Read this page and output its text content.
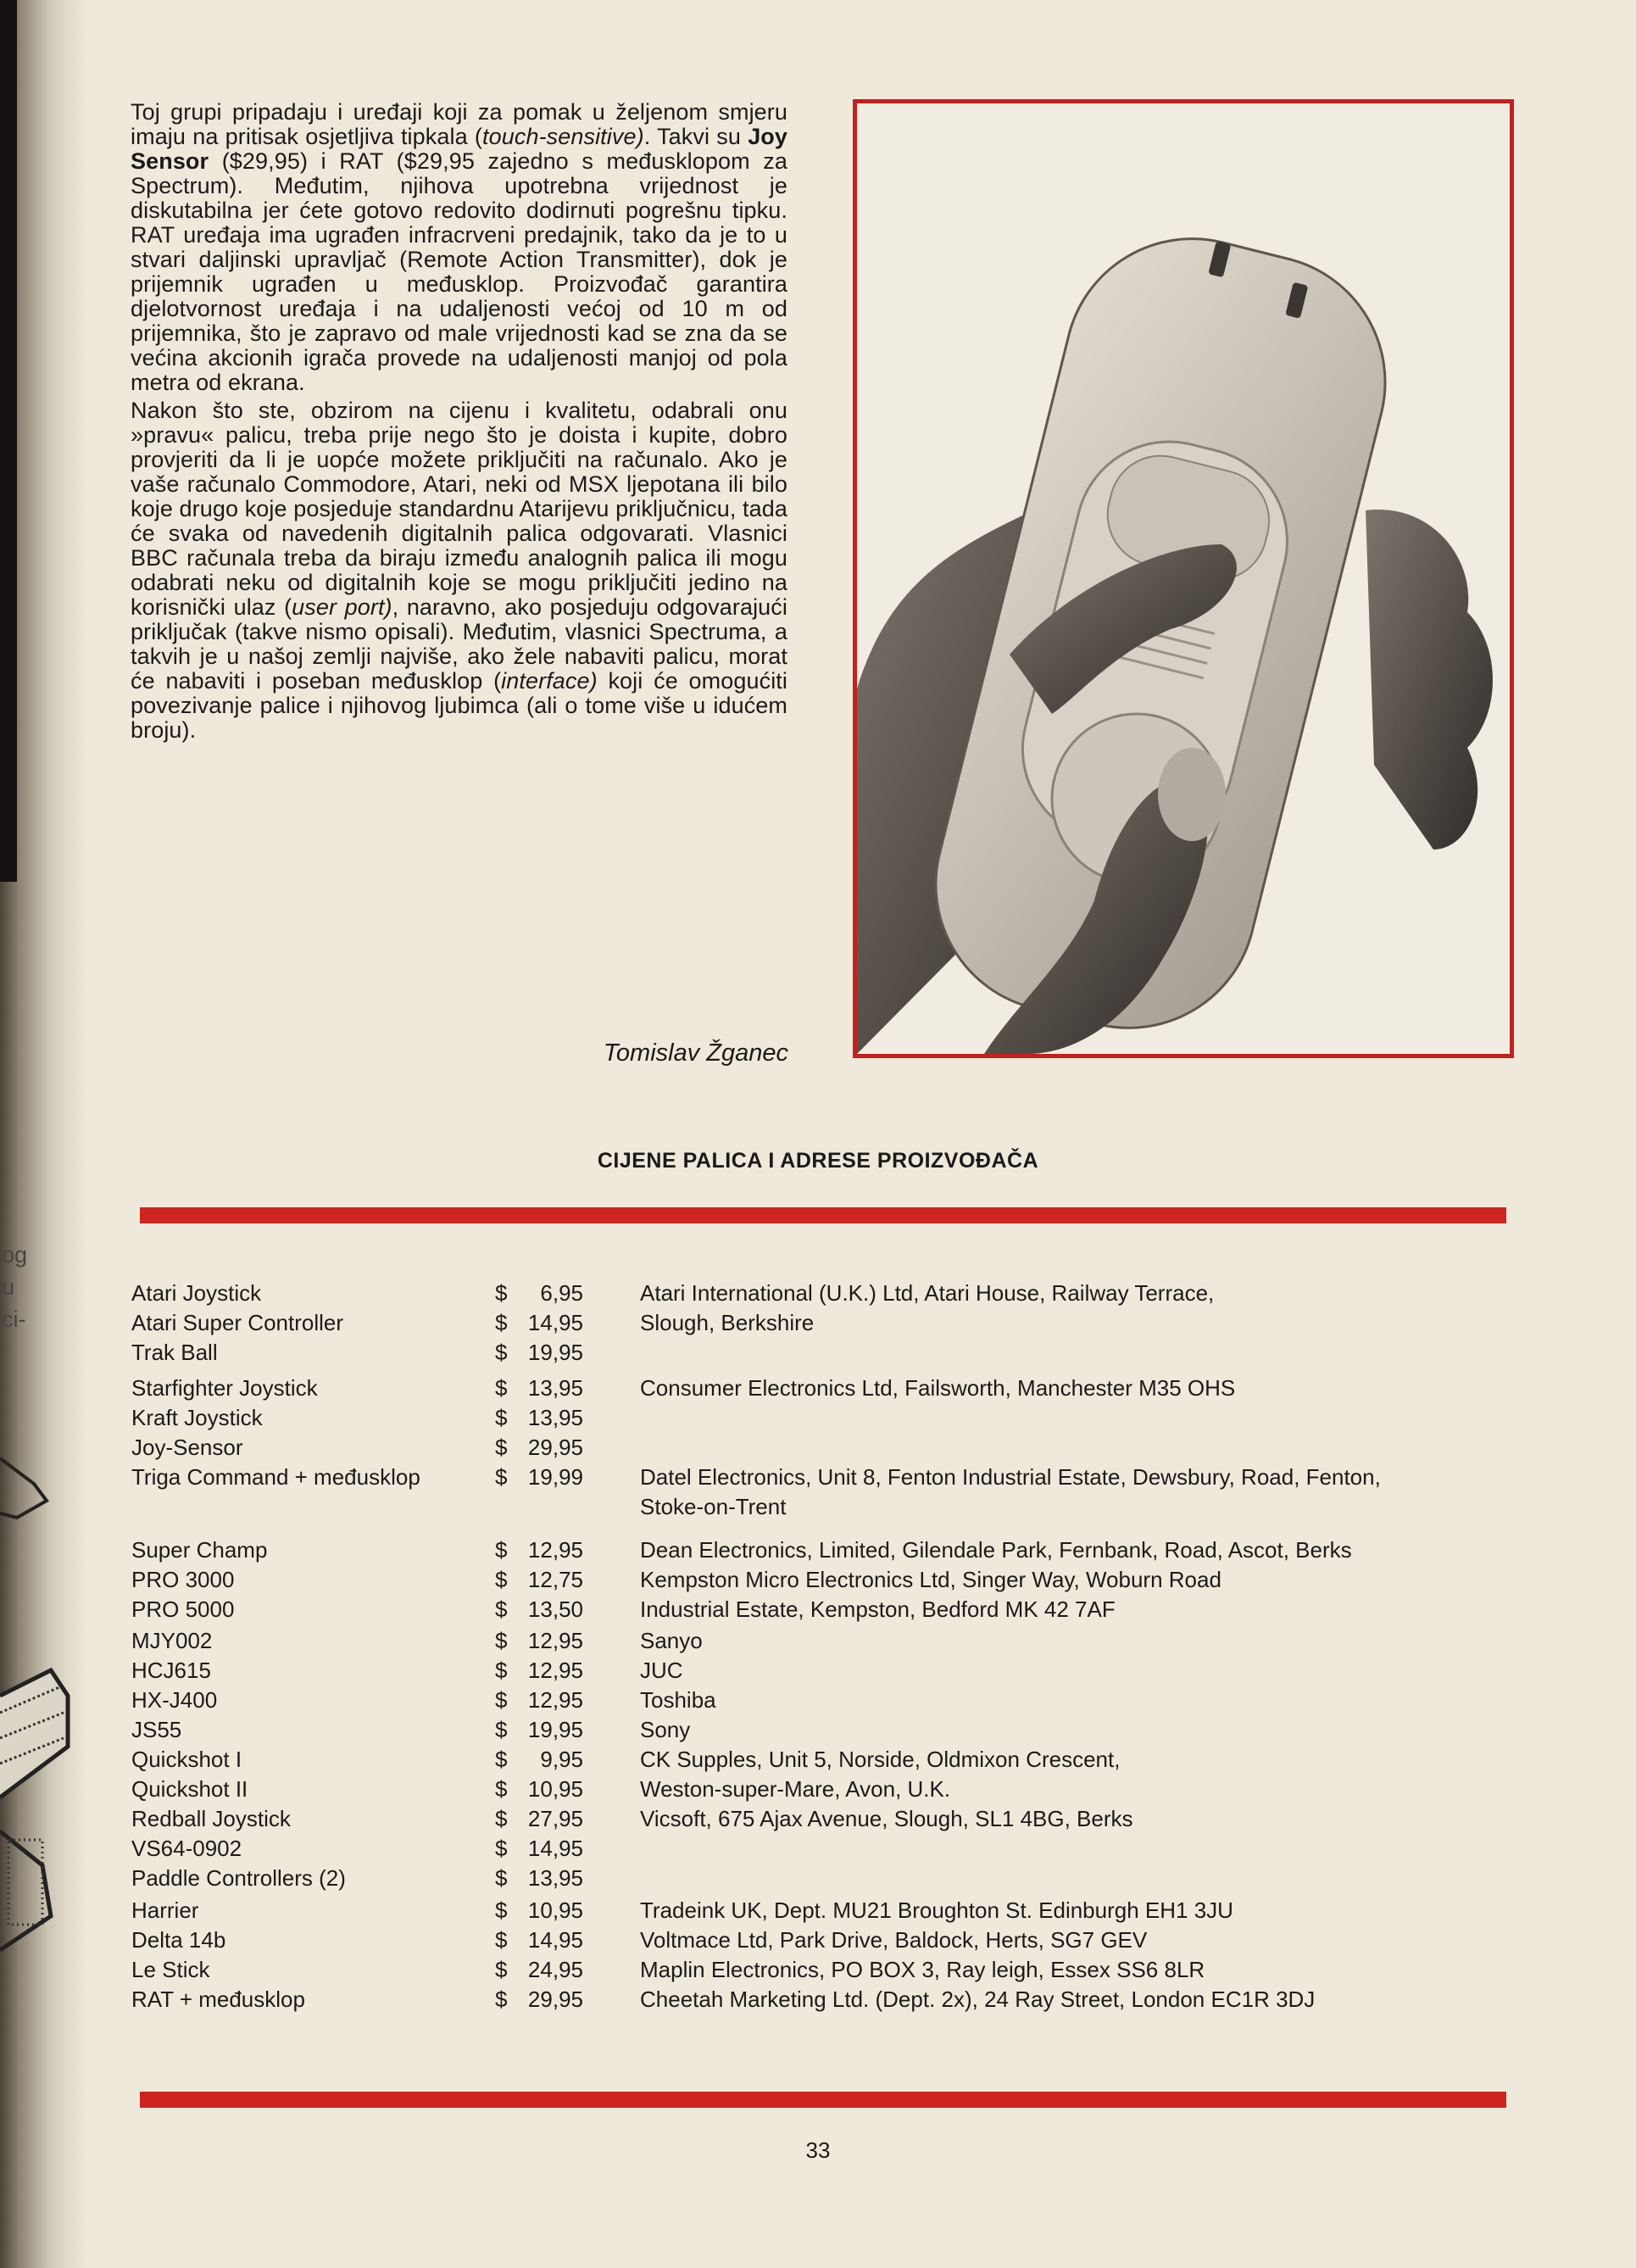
og
u
ci-

Toj grupi pripadaju i uređaji koji za pomak u željenom smjeru imaju na pritisak osjetljiva tipkala (touch-sensitive). Takvi su Joy Sensor ($29,95) i RAT ($29,95 zajedno s međusklopom za Spectrum). Međutim, njihova upotrebna vrijednost je diskutabilna jer ćete gotovo redovito dodirnuti pogrešnu tipku. RAT uređaja ima ugrađen infracrveni predajnik, tako da je to u stvari daljinski upravljač (Remote Action Transmitter), dok je prijemnik ugrađen u međusklop. Proizvođač garantira djelotvornost uređaja i na udaljenosti većoj od 10 m od prijemnika, što je zapravo od male vrijednosti kad se zna da se većina akcionih igrača provede na udaljenosti manjoj od pola metra od ekrana.

Nakon što ste, obzirom na cijenu i kvalitetu, odabrali onu »pravu« palicu, treba prije nego što je doista i kupite, dobro provjeriti da li je uopće možete priključiti na računalo. Ako je vaše računalo Commodore, Atari, neki od MSX ljepotana ili bilo koje drugo koje posjeduje standardnu Atarijevu priključnicu, tada će svaka od navedenih digitalnih palica odgovarati. Vlasnici BBC računala treba da biraju između analognih palica ili mogu odabrati neku od digitalnih koje se mogu priključiti jedino na korisnički ulaz (user port), naravno, ako posjeduju odgovarajući priključak (takve nismo opisali). Međutim, vlasnici Spectruma, a takvih je u našoj zemlji najviše, ako žele nabaviti palicu, morat će nabaviti i poseban međusklop (interface) koji će omogućiti povezivanje palice i njihovog ljubimca (ali o tome više u idućem broju).

Tomislav Žganec
CIJENE PALICA I ADRESE PROIZVOĐAČA
Atari Joystick	$	6,95	Atari International (U.K.) Ltd, Atari House, Railway Terrace,
Atari Super Controller	$ 14,95	Slough, Berkshire
Trak Ball	$ 19,95
Starfighter Joystick	$ 13,95	Consumer Electronics Ltd, Failsworth, Manchester M35 OHS
Kraft Joystick	$ 13,95
Joy-Sensor	$ 29,95
Triga Command + međusklop	$ 19,99	Datel Electronics, Unit 8, Fenton Industrial Estate, Dewsbury, Road, Fenton,
Stoke-on-Trent
Super Champ	$ 12,95	Dean Electronics, Limited, Gilendale Park, Fernbank, Road, Ascot, Berks
PRO 3000	$ 12,75	Kempston Micro Electronics Ltd, Singer Way, Woburn Road
PRO 5000	$ 13,50	Industrial Estate, Kempston, Bedford MK 42 7AF
MJY002	$ 12,95	Sanyo
HCJ615	$ 12,95	JUC
HX-J400	$ 12,95	Toshiba
JS55	$ 19,95	Sony
Quickshot I	$	9,95	CK Supples, Unit 5, Norside, Oldmixon Crescent,
Quickshot II	$ 10,95	Weston-super-Mare, Avon, U.K.
Redball Joystick	$ 27,95	Vicsoft, 675 Ajax Avenue, Slough, SL1 4BG, Berks
VS64-0902	$ 14,95
Paddle Controllers (2)	$ 13,95
Harrier	$ 10,95	Tradeink UK, Dept. MU21 Broughton St. Edinburgh EH1 3JU
Delta 14b	$ 14,95	Voltmace Ltd, Park Drive, Baldock, Herts, SG7 GEV
Le Stick	$ 24,95	Maplin Electronics, PO BOX 3, Ray leigh, Essex SS6 8LR
RAT + međusklop	$ 29,95	Cheetah Marketing Ltd. (Dept. 2x), 24 Ray Street, London EC1R 3DJ
33
